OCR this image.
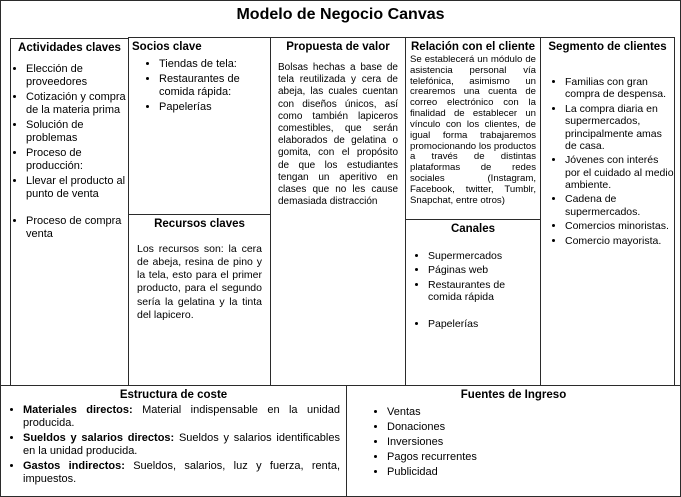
Modelo de Negocio Canvas
Actividades claves
• Elección de proveedores
• Cotización y compra de la materia prima
• Solución de problemas
• Proceso de producción:
• Llevar el producto al punto de venta
• Proceso de compra venta
Socios clave
• Tiendas de tela:
• Restaurantes de comida rápida:
• Papelerías
Recursos claves
Los recursos son: la cera de abeja, resina de pino y la tela, esto para el primer producto, para el segundo sería la gelatina y la tinta del lapicero.
Propuesta de valor
Bolsas hechas a base de tela reutilizada y cera de abeja, las cuales cuentan con diseños únicos, así como también lapiceros comestibles, que serán elaborados de gelatina o gomita, con el propósito de que los estudiantes tengan un aperitivo en clases que no les cause demasiada distracción
Relación con el cliente
Se establecerá un módulo de asistencia personal vía telefónica, asimismo un crearemos una cuenta de correo electrónico con la finalidad de establecer un vínculo con los clientes, de igual forma trabajaremos promocionando los productos a través de distintas plataformas de redes sociales (Instagram, Facebook, twitter, Tumblr, Snapchat, entre otros)
Canales
• Supermercados
• Páginas web
• Restaurantes de comida rápida
• Papelerías
Segmento de clientes
• Familias con gran compra de despensa.
• La compra diaria en supermercados, principalmente amas de casa.
• Jóvenes con interés por el cuidado al medio ambiente.
• Cadena de supermercados.
• Comercios minoristas.
• Comercio mayorista.
Estructura de coste
• Materiales directos: Material indispensable en la unidad producida.
• Sueldos y salarios directos: Sueldos y salarios identificables en la unidad producida.
• Gastos indirectos: Sueldos, salarios, luz y fuerza, renta, impuestos.
Fuentes de Ingreso
• Ventas
• Donaciones
• Inversiones
• Pagos recurrentes
• Publicidad
